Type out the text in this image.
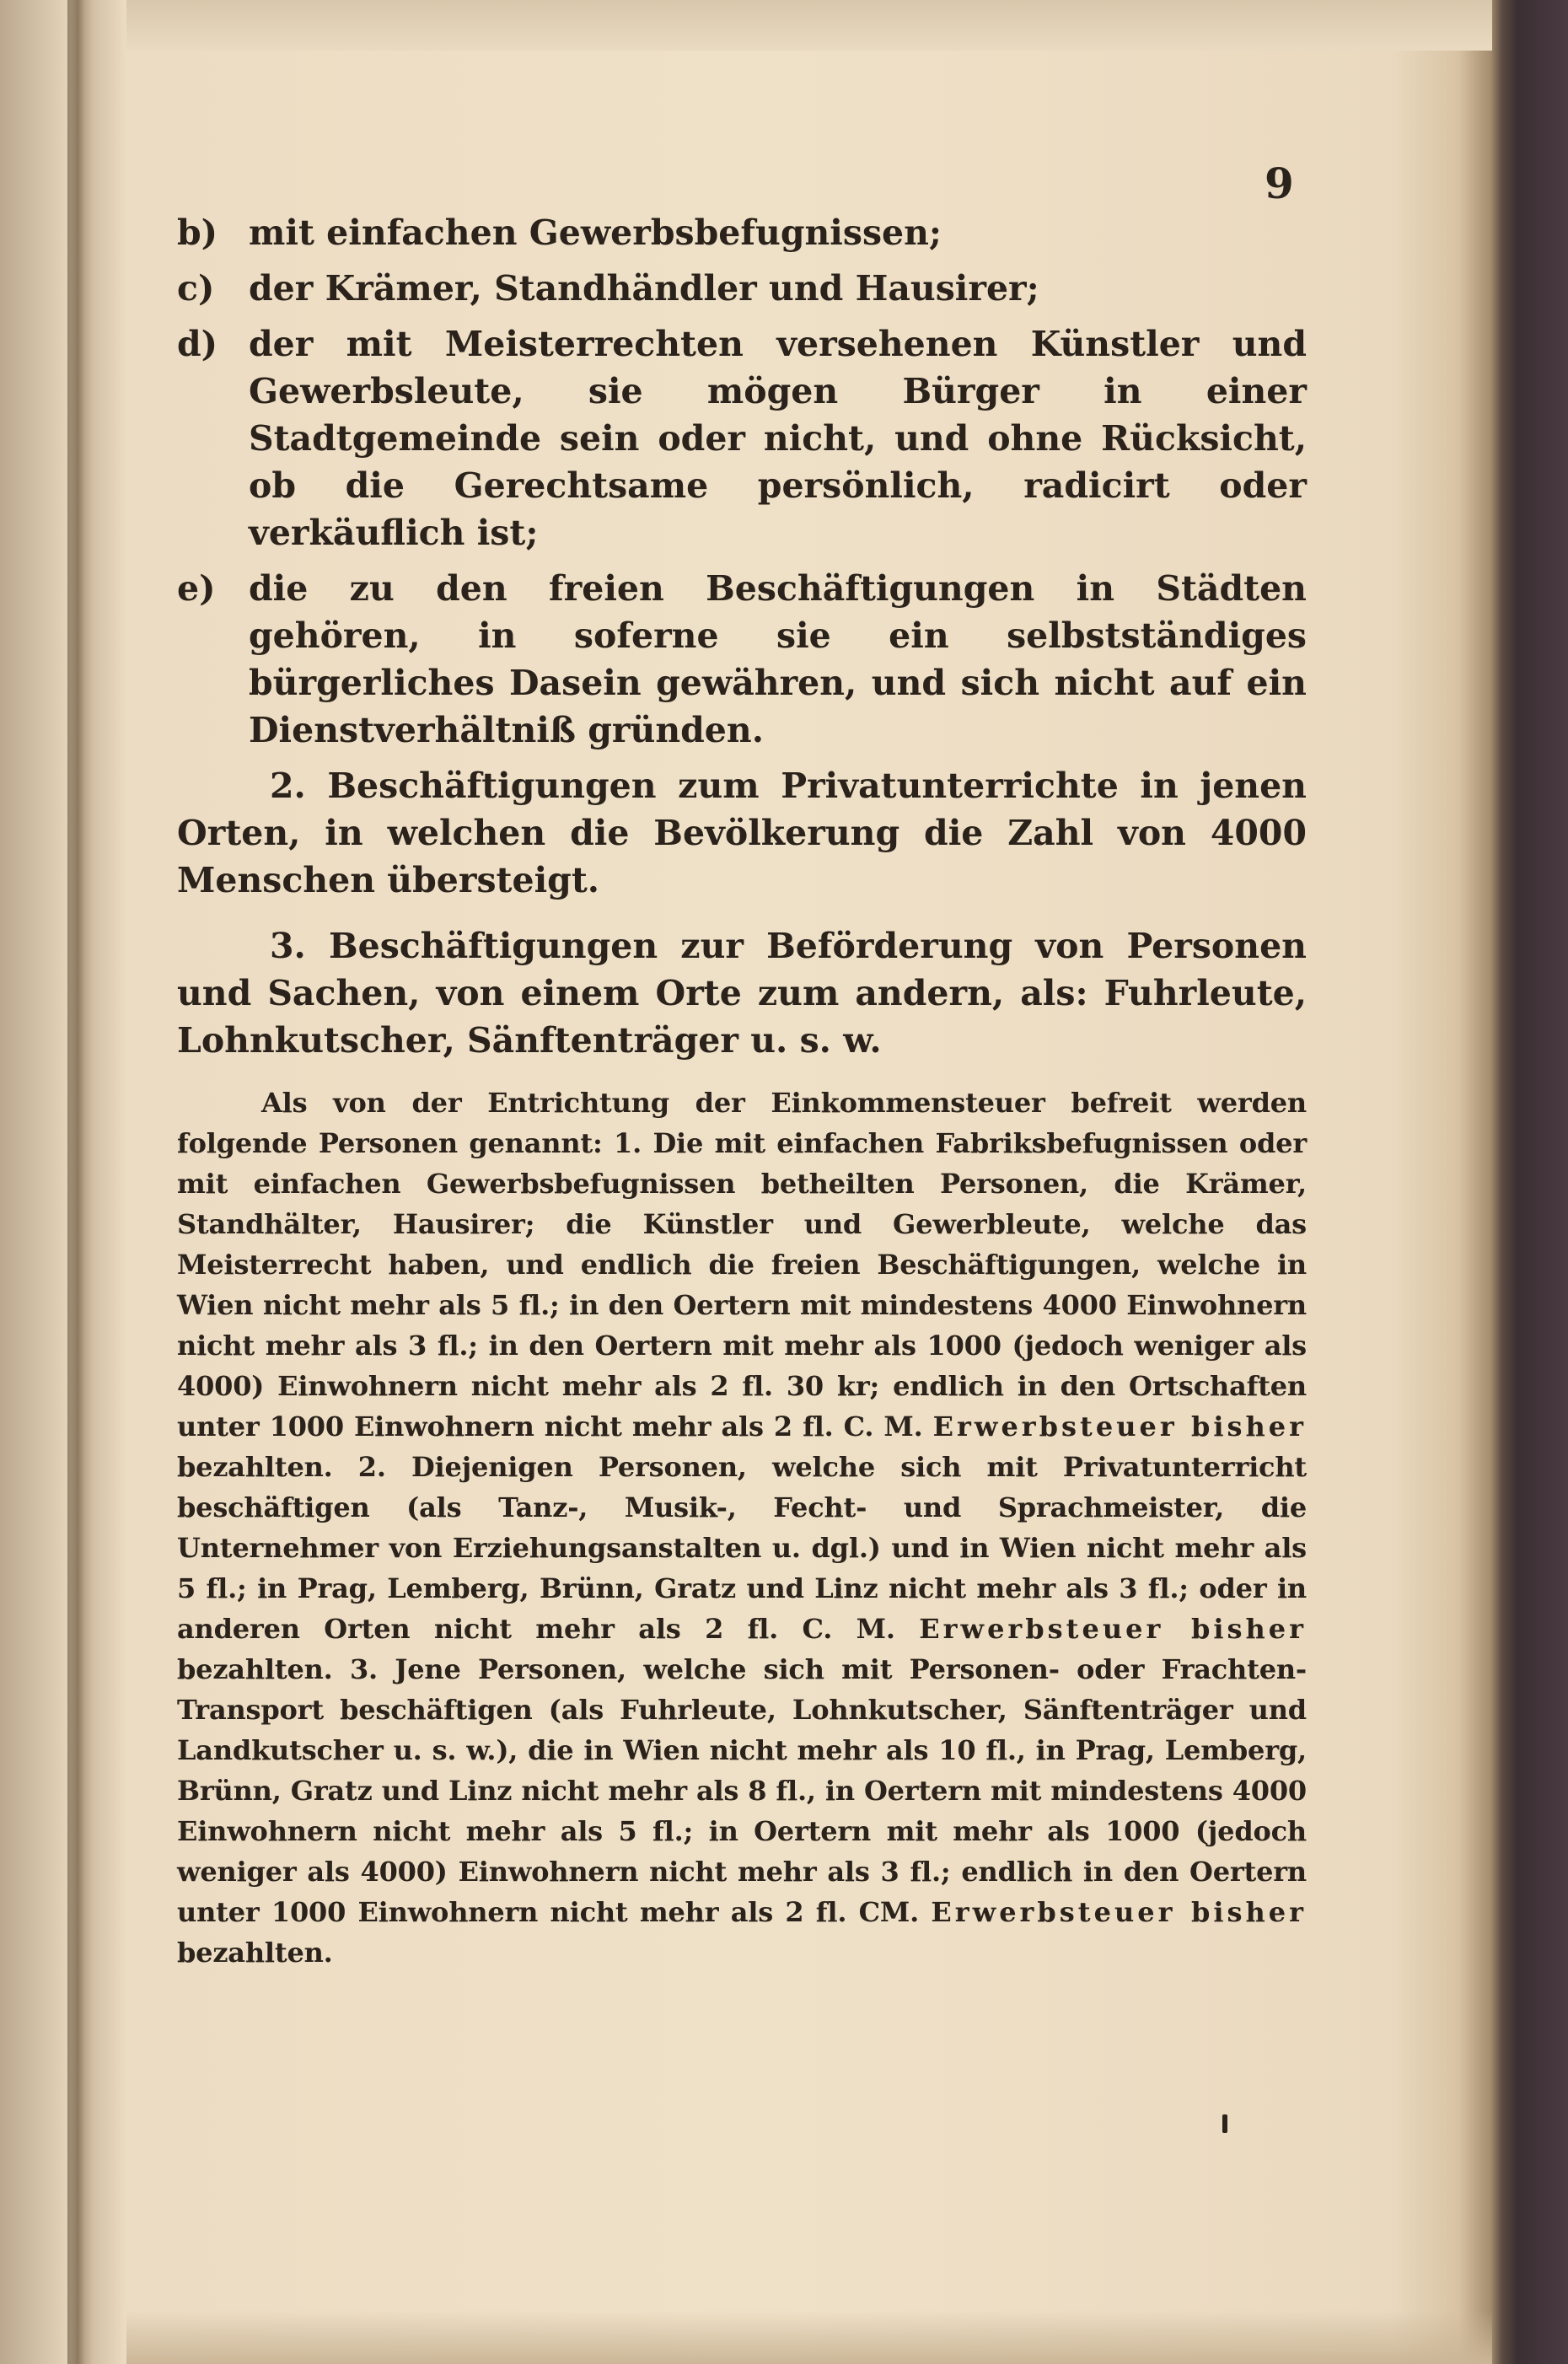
9
b) mit einfachen Gewerbsbefugnissen;
c) der Krämer, Standhändler und Hausirer;
d) der mit Meisterrechten versehenen Künstler und Gewerbsleute, sie mögen Bürger in einer Stadtgemeinde sein oder nicht, und ohne Rücksicht, ob die Gerechtsame persönlich, radicirt oder verkäuflich ist;
e) die zu den freien Beschäftigungen in Städten gehören, in soferne sie ein selbstständiges bürgerliches Dasein gewähren, und sich nicht auf ein Dienstverhältniß gründen.

2. Beschäftigungen zum Privatunterrichte in jenen Orten, in welchen die Bevölkerung die Zahl von 4000 Menschen übersteigt.

3. Beschäftigungen zur Beförderung von Personen und Sachen, von einem Orte zum andern, als: Fuhrleute, Lohnkutscher, Sänftenträger u. s. w.

Als von der Entrichtung der Einkommensteuer befreit werden folgende Personen genannt: 1. Die mit einfachen Fabriksbefugnissen oder mit einfachen Gewerbsbefugnissen betheilten Personen, die Krämer, Standhälter, Hausirer; die Künstler und Gewerbleute, welche das Meisterrecht haben, und endlich die freien Beschäftigungen, welche in Wien nicht mehr als 5 fl.; in den Oertern mit mindestens 4000 Einwohnern nicht mehr als 3 fl.; in den Oertern mit mehr als 1000 (jedoch weniger als 4000) Einwohnern nicht mehr als 2 fl. 30 kr; endlich in den Ortschaften unter 1000 Einwohnern nicht mehr als 2 fl. C. M. Erwerbsteuer bisher bezahlten. 2. Diejenigen Personen, welche sich mit Privatunterricht beschäftigen (als Tanz-, Musik-, Fecht- und Sprachmeister, die Unternehmer von Erziehungsanstalten u. dgl.) und in Wien nicht mehr als 5 fl.; in Prag, Lemberg, Brünn, Gratz und Linz nicht mehr als 3 fl.; oder in anderen Orten nicht mehr als 2 fl. C. M. Erwerbsteuer bisher bezahlten. 3. Jene Personen, welche sich mit Personen- oder Frachten-Transport beschäftigen (als Fuhrleute, Lohnkutscher, Sänftenträger und Landkutscher u. s. w.), die in Wien nicht mehr als 10 fl., in Prag, Lemberg, Brünn, Gratz und Linz nicht mehr als 8 fl., in Oertern mit mindestens 4000 Einwohnern nicht mehr als 5 fl.; in Oertern mit mehr als 1000 (jedoch weniger als 4000) Einwohnern nicht mehr als 3 fl.; endlich in den Oertern unter 1000 Einwohnern nicht mehr als 2 fl. CM. Erwerbsteuer bisher bezahlten.
